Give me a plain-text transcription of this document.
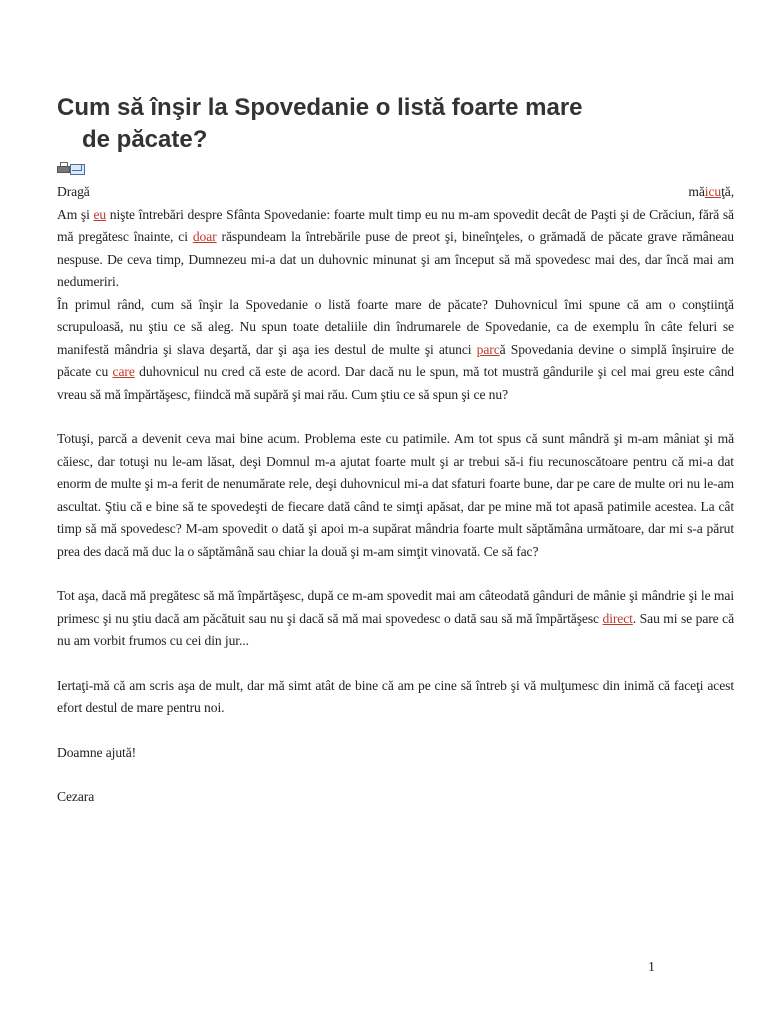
Cum să înşir la Spovedanie o listă foarte mare
de păcate?
Dragă	măicuţă,

Am şi eu nişte întrebări despre Sfânta Spovedanie: foarte mult timp eu nu m-am spovedit decât de Paşti şi de Crăciun, fără să mă pregătesc înainte, ci doar răspundeam la întrebările puse de preot şi, bineînţeles, o grămadă de păcate grave rămâneau nespuse. De ceva timp, Dumnezeu mi-a dat un duhovnic minunat şi am început să mă spovedesc mai des, dar încă mai am nedumeriri.

În primul rând, cum să înşir la Spovedanie o listă foarte mare de păcate? Duhovnicul îmi spune că am o conştiinţă scrupuloasă, nu ştiu ce să aleg. Nu spun toate detaliile din îndrumarele de Spovedanie, ca de exemplu în câte feluri se manifestă mândria şi slava deşartă, dar şi aşa ies destul de multe şi atunci parcă Spovedania devine o simplă înşiruire de păcate cu care duhovnicul nu cred că este de acord. Dar dacă nu le spun, mă tot mustră gândurile şi cel mai greu este când vreau să mă împărtăşesc, fiindcă mă supără şi mai rău. Cum ştiu ce să spun şi ce nu?

Totuşi, parcă a devenit ceva mai bine acum. Problema este cu patimile. Am tot spus că sunt mândră şi m-am mâniat şi mă căiesc, dar totuşi nu le-am lăsat, deşi Domnul m-a ajutat foarte mult şi ar trebui să-i fiu recunoscătoare pentru că mi-a dat enorm de multe şi m-a ferit de nenumărate rele, deşi duhovnicul mi-a dat sfaturi foarte bune, dar pe care de multe ori nu le-am ascultat. Ştiu că e bine să te spovedeşti de fiecare dată când te simţi apăsat, dar pe mine mă tot apasă patimile acestea. La cât timp să mă spovedesc? M-am spovedit o dată şi apoi m-a supărat mândria foarte mult săptămâna următoare, dar mi s-a părut prea des dacă mă duc la o săptămână sau chiar la două şi m-am simţit vinovată. Ce să fac?

Tot aşa, dacă mă pregătesc să mă împărtăşesc, după ce m-am spovedit mai am câteodată gânduri de mânie şi mândrie şi le mai primesc şi nu ştiu dacă am păcătuit sau nu şi dacă să mă mai spovedesc o dată sau să mă împărtăşesc direct. Sau mi se pare că nu am vorbit frumos cu cei din jur...

Iertaţi-mă că am scris aşa de mult, dar mă simt atât de bine că am pe cine să întreb şi vă mulţumesc din inimă că faceţi acest efort destul de mare pentru noi.

Doamne ajută!

Cezara

1
